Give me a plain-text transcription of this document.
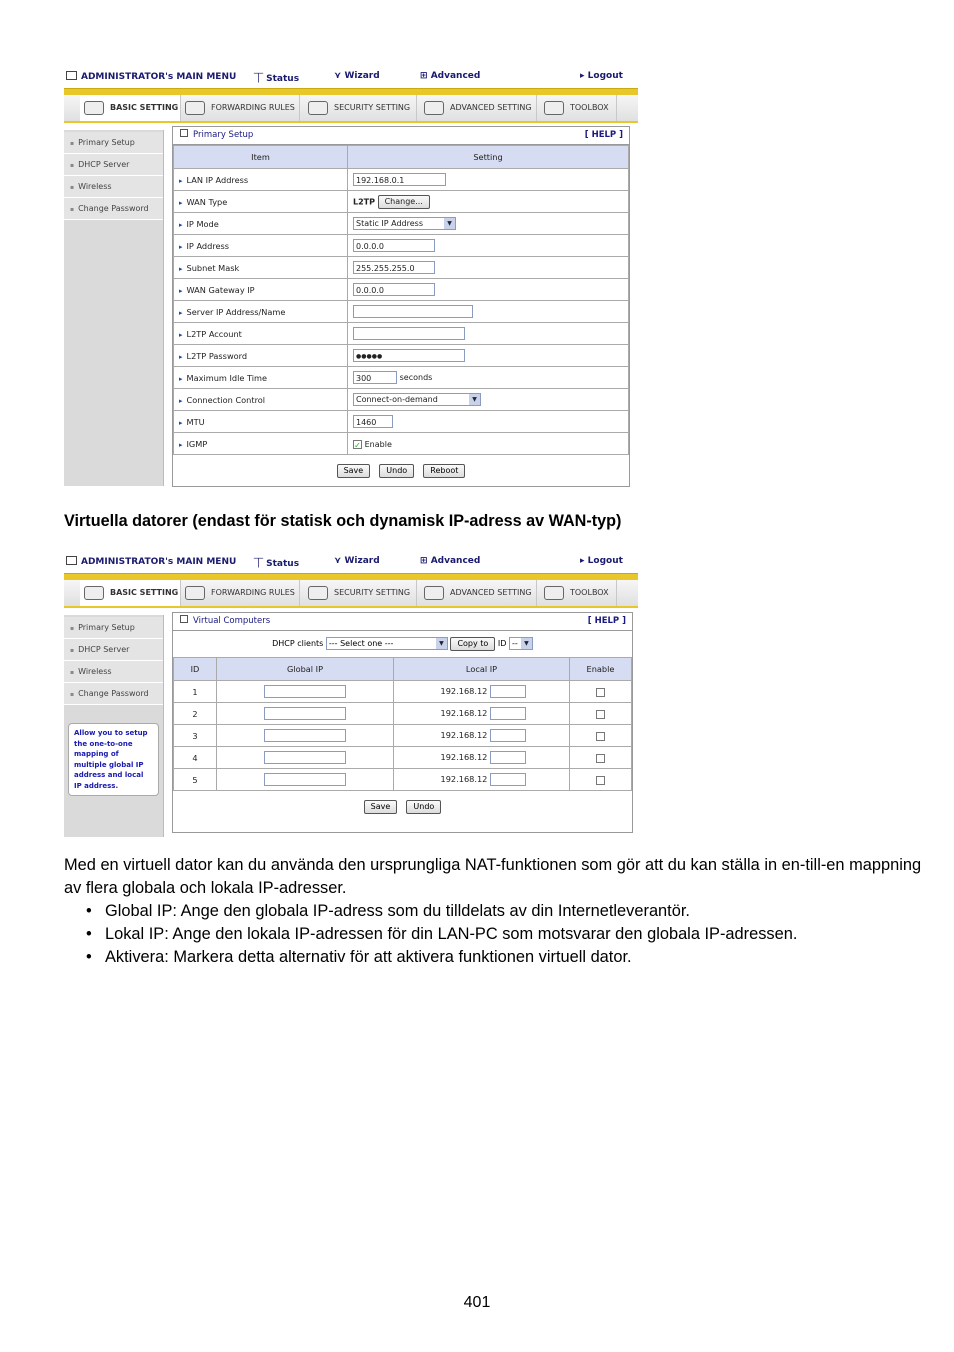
ADMINISTRATOR's MAIN MENU ⏉ Status	⋎ Wizard	⊞ Advanced	▸ Logout
BASIC SETTING	FORWARDING RULES	SECURITY SETTING	ADVANCED SETTING	TOOLBOX
▪ Primary Setup
▪ DHCP Server
▪ Wireless
▪ Change Password
Primary Setup	[ HELP ]
Item	Setting
▸ LAN IP Address	192.168.0.1
▸ WAN Type	L2TP Change...
▸ IP Mode	Static IP Address ▼

▸ IP Address	0.0.0.0
▸ Subnet Mask	255.255.255.0
▸ WAN Gateway IP	0.0.0.0
▸ Server IP Address/Name	
▸ L2TP Account	
▸ L2TP Password	●●●●●
▸ Maximum Idle Time	300 seconds
▸ Connection Control	Connect-on-demand ▼

▸ MTU	1460
▸ IGMP	✓ Enable
Save	Undo	Reboot
Virtuella datorer (endast för statisk och dynamisk IP-adress av WAN-typ)
ADMINISTRATOR's MAIN MENU ⏉ Status	⋎ Wizard	⊞ Advanced	▸ Logout
BASIC SETTING	FORWARDING RULES	SECURITY SETTING	ADVANCED SETTING	TOOLBOX
▪ Primary Setup
▪ DHCP Server
▪ Wireless
▪ Change Password
Allow you to setup the one-to-one mapping of multiple global IP address and local IP address.
Virtual Computers	[ HELP ]
DHCP clients --- Select one ---	▼	Copy to ID --	▼
ID	Global IP	Local IP	Enable
1		192.168.12	
2		192.168.12	
3		192.168.12	
4		192.168.12	
5		192.168.12	
Save	Undo

Med en virtuell dator kan du använda den ursprungliga NAT-funktionen som gör att du kan ställa in en-till-en mappning av flera globala och lokala IP-adresser.

• Global IP: Ange den globala IP-adress som du tilldelats av din Internetleverantör.
• Lokal IP: Ange den lokala IP-adressen för din LAN-PC som motsvarar den globala IP-adressen.
• Aktivera: Markera detta alternativ för att aktivera funktionen virtuell dator.
401
